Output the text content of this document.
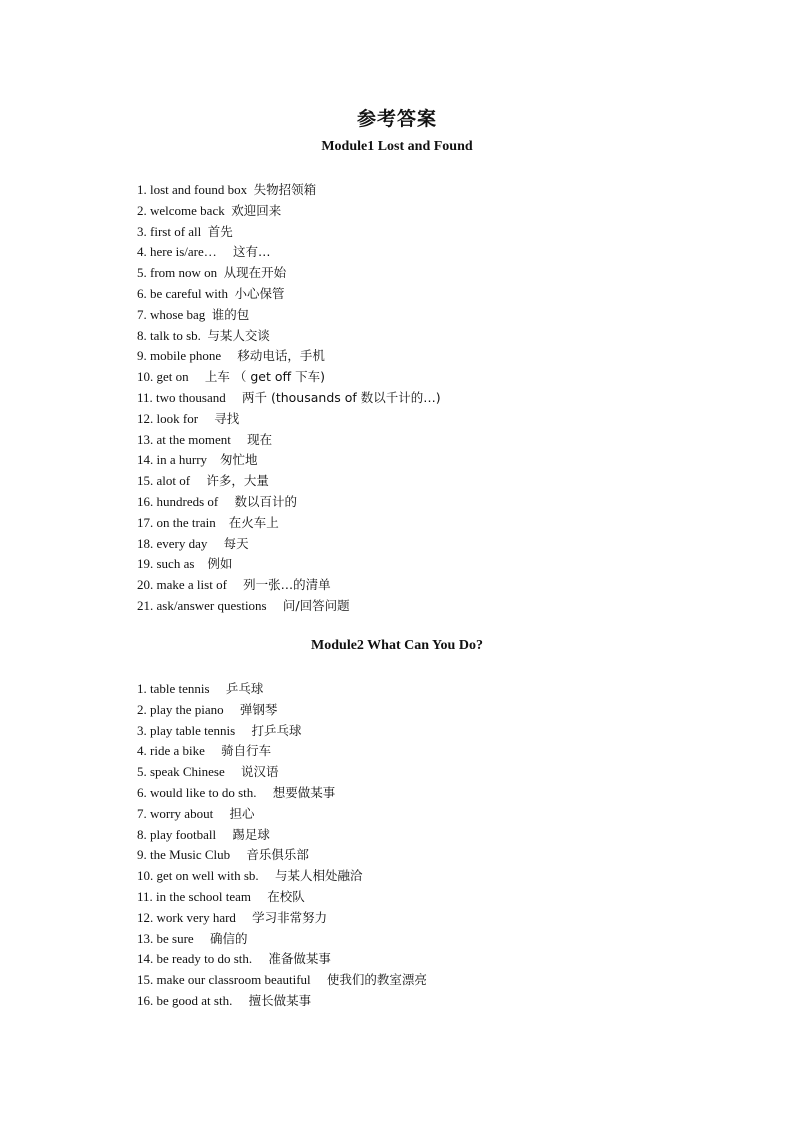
参考答案
Module1 Lost and Found
1. lost and found box 失物招领箱
2. welcome back 欢迎回来
3. first of all 首先
4. here is/are… 这有…
5. from now on 从现在开始
6. be careful with 小心保管
7. whose bag 谁的包
8. talk to sb. 与某人交谈
9. mobile phone 移动电话，手机
10. get on 上车 （ get off 下车)
11. two thousand 两千 (thousands of 数以千计的…)
12. look for 寻找
13. at the moment 现在
14. in a hurry 匆忙地
15. alot of 许多，大量
16. hundreds of 数以百计的
17. on the train 在火车上
18. every day 每天
19. such as 例如
20. make a list of 列一张…的清单
21. ask/answer questions 问/回答问题
Module2 What Can You Do?
1. table tennis 乒乓球
2. play the piano 弹钢琴
3. play table tennis 打乒乓球
4. ride a bike 骑自行车
5. speak Chinese 说汉语
6. would like to do sth. 想要做某事
7. worry about 担心
8. play football 踢足球
9. the Music Club 音乐俱乐部
10. get on well with sb. 与某人相处融洽
11. in the school team 在校队
12. work very hard 学习非常努力
13. be sure 确信的
14. be ready to do sth. 准备做某事
15. make our classroom beautiful 使我们的教室漂亮
16. be good at sth. 擅长做某事
